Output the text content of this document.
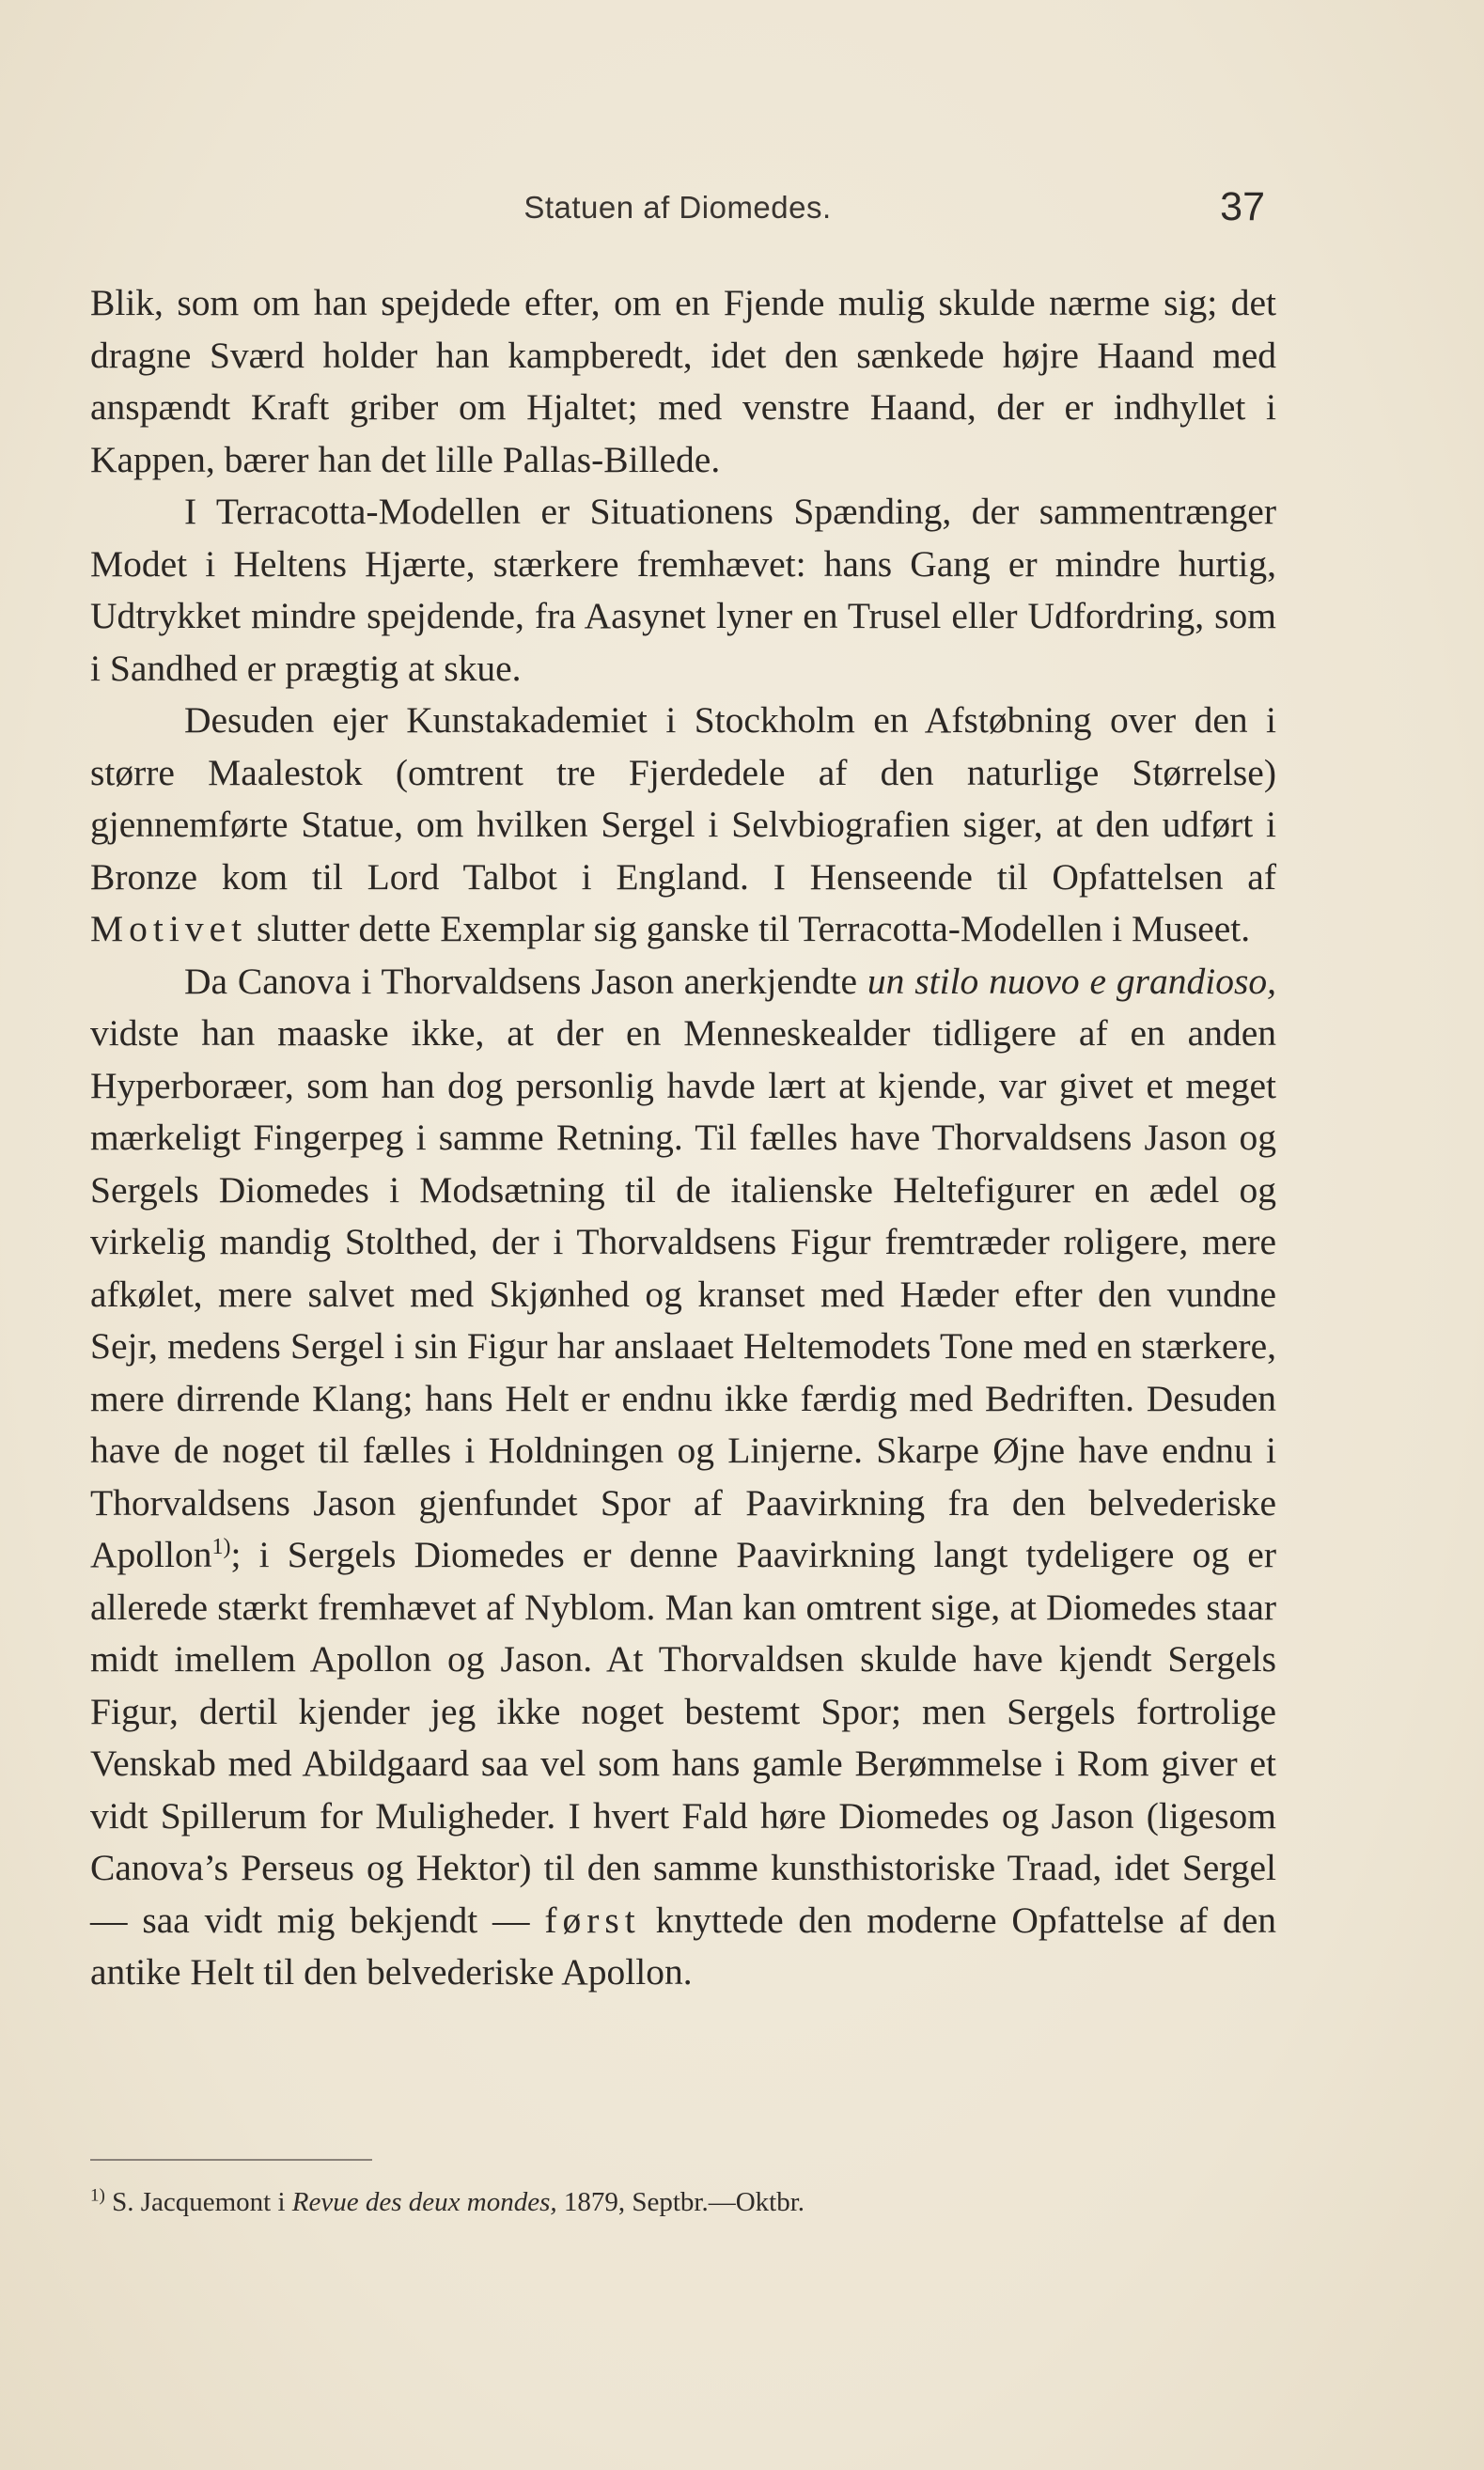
Statuen af Diomedes.	37

Blik, som om han spejdede efter, om en Fjende mulig skulde nærme sig; det dragne Sværd holder han kampberedt, idet den sænkede højre Haand med anspændt Kraft griber om Hjaltet; med venstre Haand, der er indhyllet i Kappen, bærer han det lille Pallas-Billede.

I Terracotta-Modellen er Situationens Spænding, der sammentrænger Modet i Heltens Hjærte, stærkere fremhævet: hans Gang er mindre hurtig, Udtrykket mindre spejdende, fra Aasynet lyner en Trusel eller Udfordring, som i Sandhed er prægtig at skue.

Desuden ejer Kunstakademiet i Stockholm en Afstøbning over den i større Maalestok (omtrent tre Fjerdedele af den naturlige Størrelse) gjennemførte Statue, om hvilken Sergel i Selvbiografien siger, at den udført i Bronze kom til Lord Talbot i England. I Henseende til Opfattelsen af Motivet slutter dette Exemplar sig ganske til Terracotta-Modellen i Museet.

Da Canova i Thorvaldsens Jason anerkjendte un stilo nuovo e grandioso, vidste han maaske ikke, at der en Menneskealder tidligere af en anden Hyperboræer, som han dog personlig havde lært at kjende, var givet et meget mærkeligt Fingerpeg i samme Retning. Til fælles have Thorvaldsens Jason og Sergels Diomedes i Modsætning til de italienske Heltefigurer en ædel og virkelig mandig Stolthed, der i Thorvaldsens Figur fremtræder roligere, mere afkølet, mere salvet med Skjønhed og kranset med Hæder efter den vundne Sejr, medens Sergel i sin Figur har anslaaet Heltemodets Tone med en stærkere, mere dirrende Klang; hans Helt er endnu ikke færdig med Bedriften. Desuden have de noget til fælles i Holdningen og Linjerne. Skarpe Øjne have endnu i Thorvaldsens Jason gjenfundet Spor af Paavirkning fra den belvederiske Apollon$^{1)}$; i Sergels Diomedes er denne Paavirkning langt tydeligere og er allerede stærkt fremhævet af Nyblom. Man kan omtrent sige, at Diomedes staar midt imellem Apollon og Jason. At Thorvaldsen skulde have kjendt Sergels Figur, dertil kjender jeg ikke noget bestemt Spor; men Sergels fortrolige Venskab med Abildgaard saa vel som hans gamle Berømmelse i Rom giver et vidt Spillerum for Muligheder. I hvert Fald høre Diomedes og Jason (ligesom Canova’s Perseus og Hektor) til den samme kunsthistoriske Traad, idet Sergel — saa vidt mig bekjendt — først knyttede den moderne Opfattelse af den antike Helt til den belvederiske Apollon.

$^{1)}$ S. Jacquemont i Revue des deux mondes, 1879, Septbr.—Oktbr.
